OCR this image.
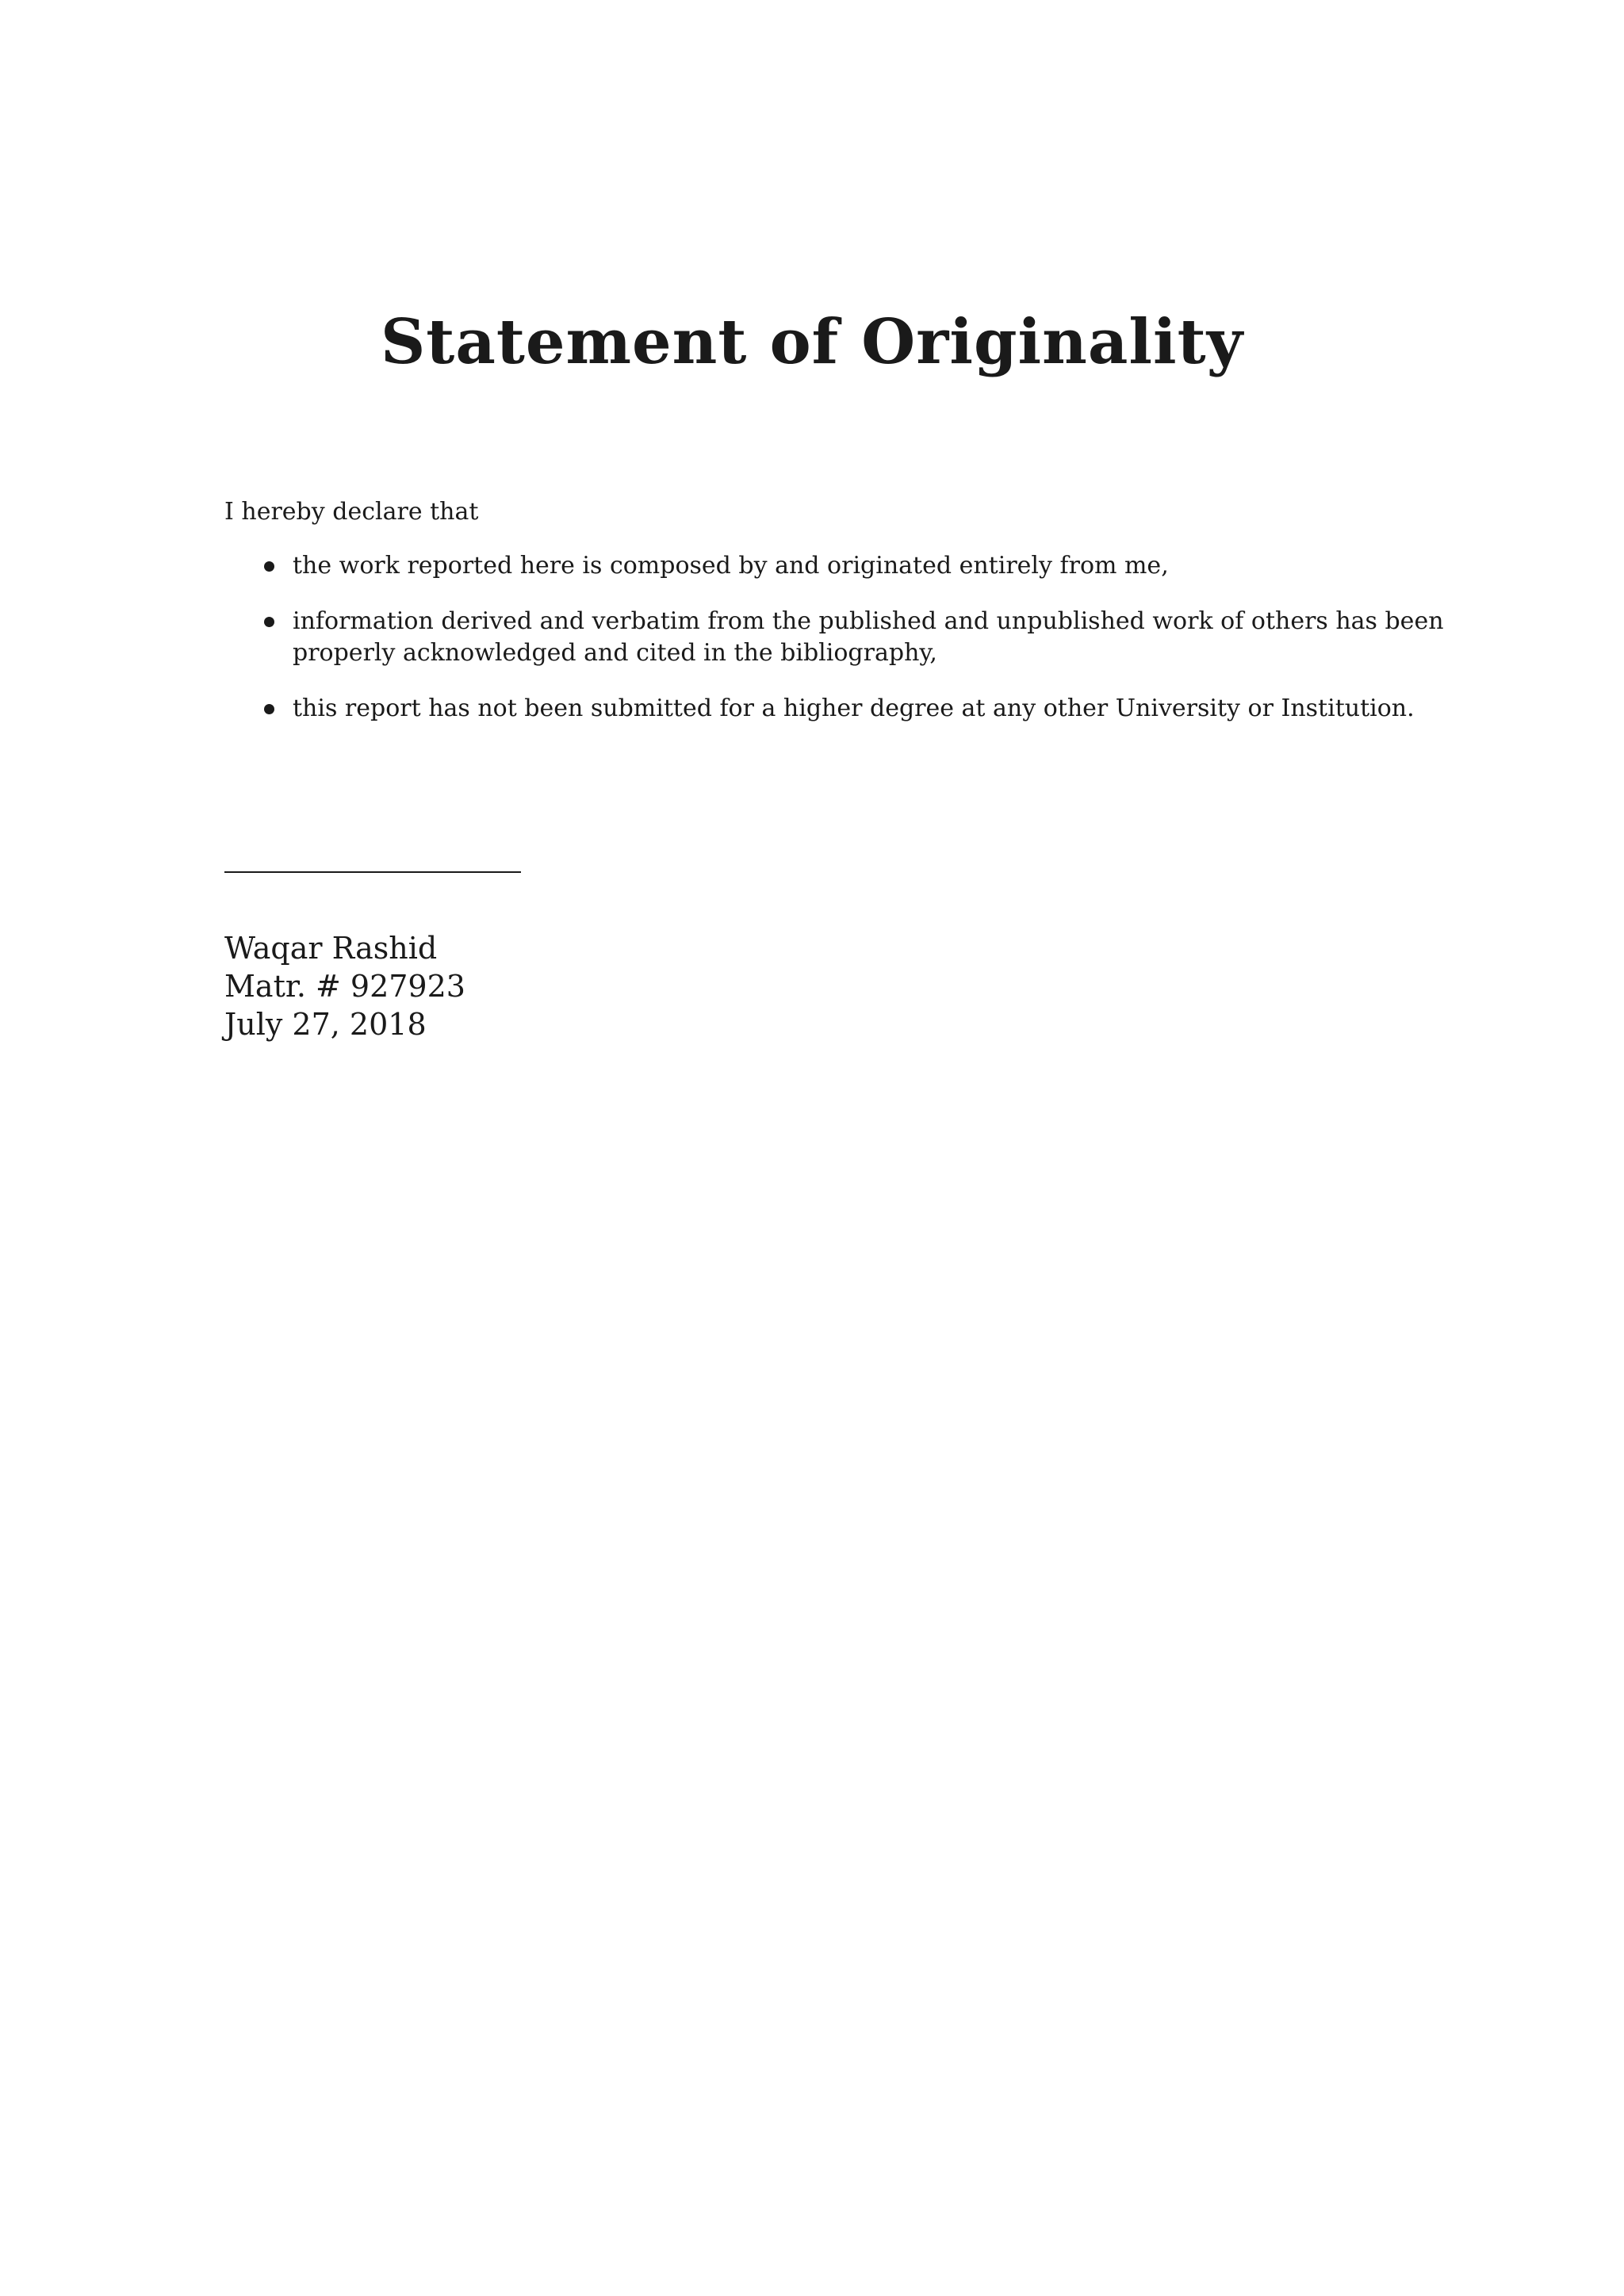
Statement of Originality
I hereby declare that
the work reported here is composed by and originated entirely from me,
information derived and verbatim from the published and unpublished work of others has been properly acknowledged and cited in the bibliography,
this report has not been submitted for a higher degree at any other University or Institution.
Waqar Rashid
Matr. # 927923
July 27, 2018
